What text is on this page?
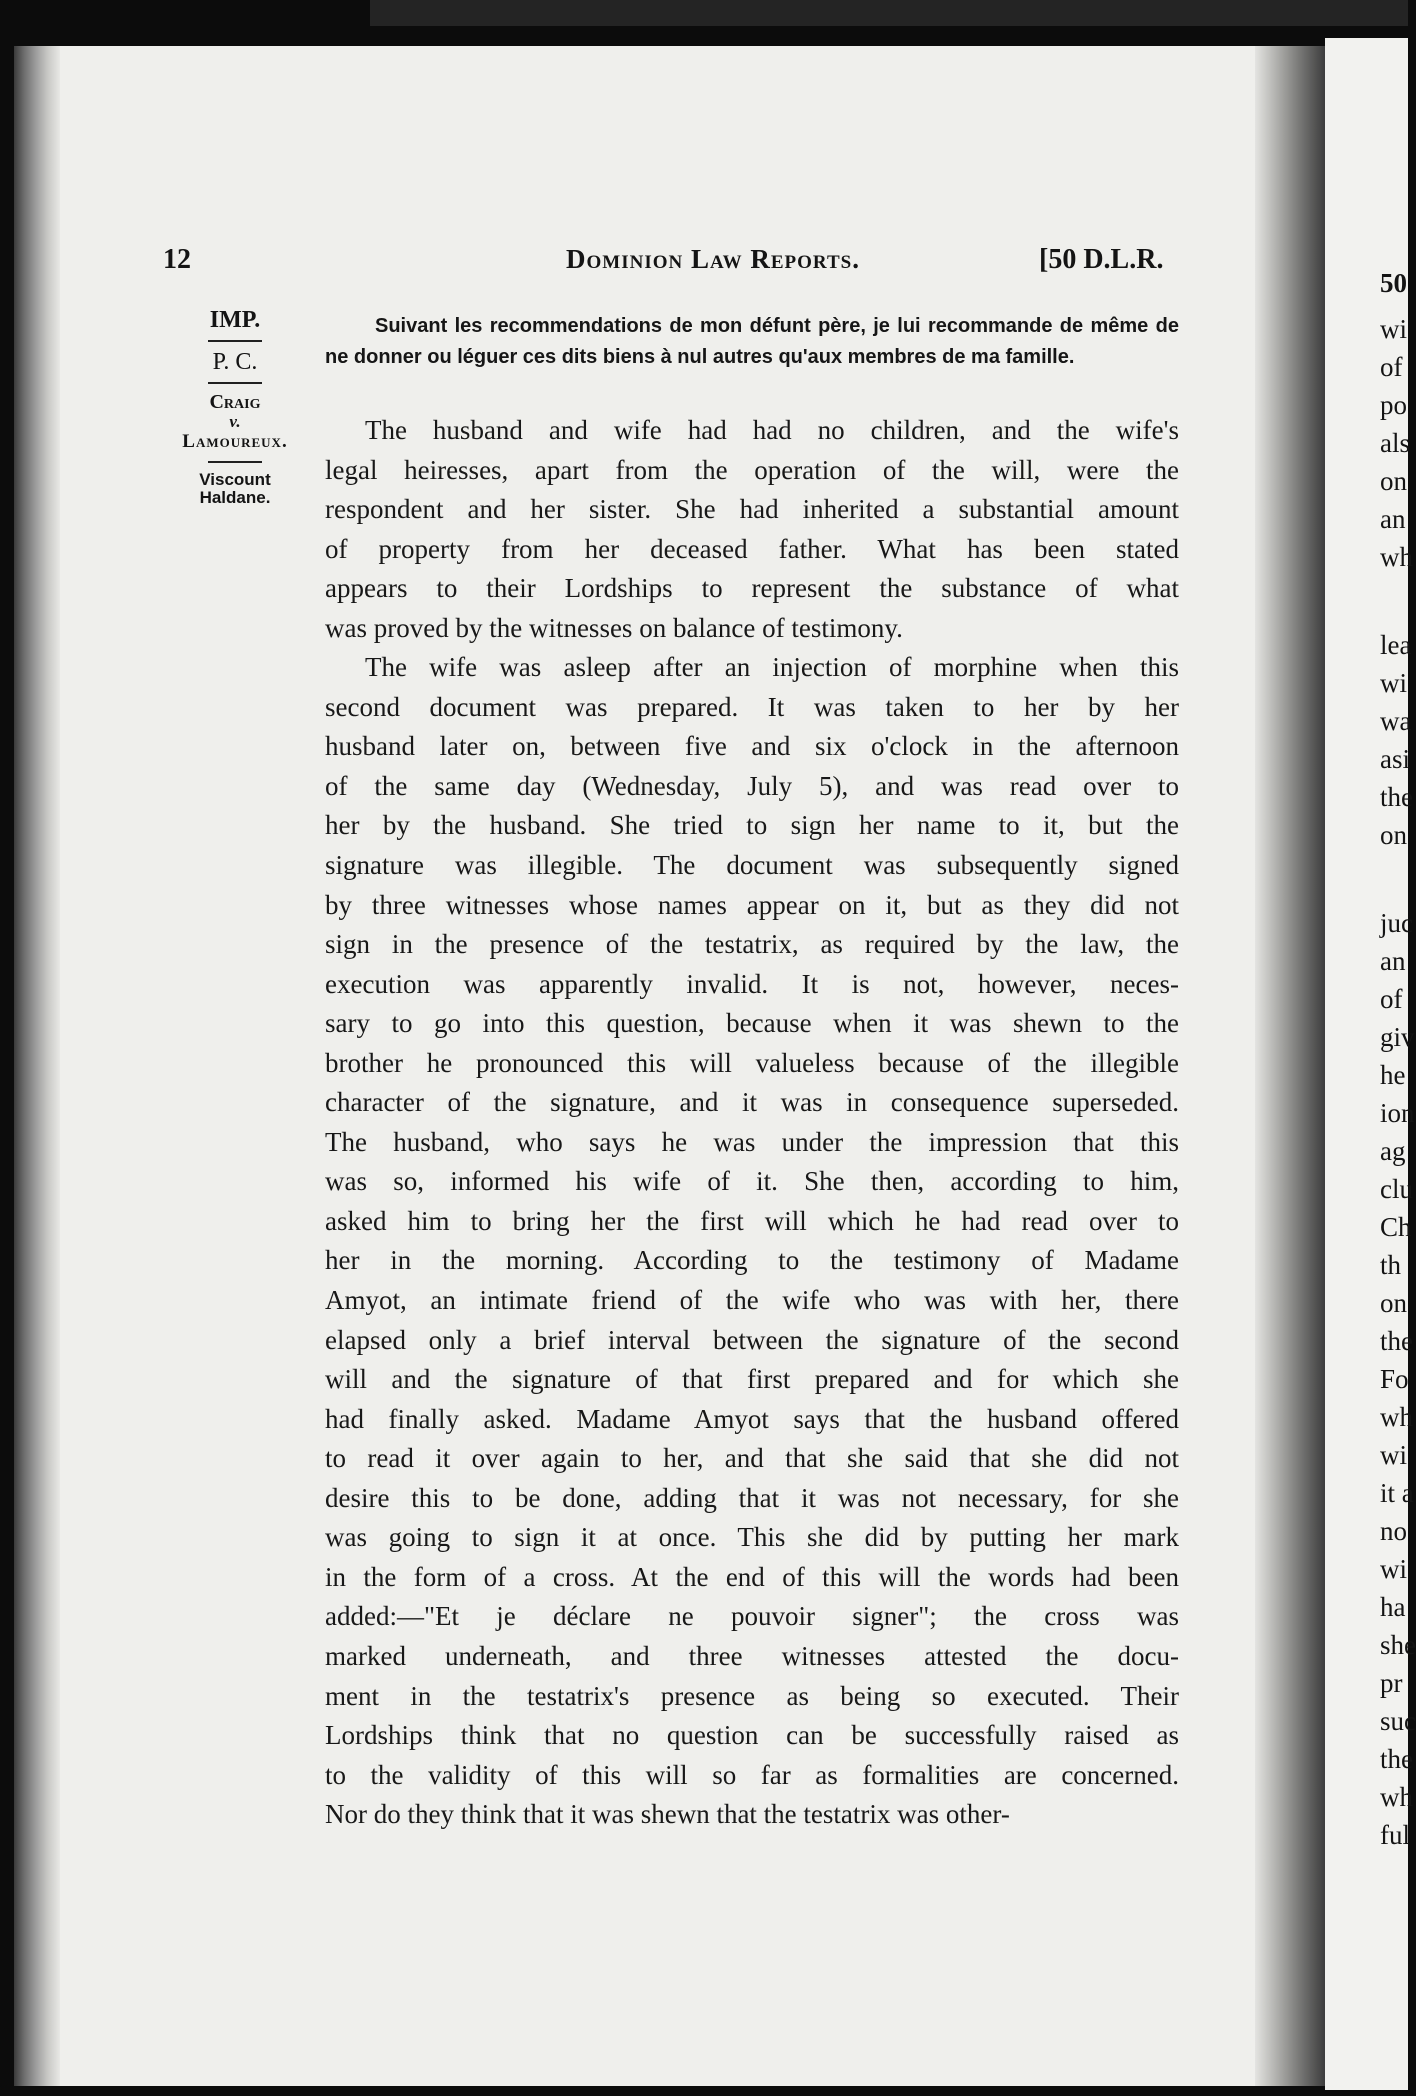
50
wi
of
po
als
on
an
wh
lea
wi
wa
asi
the
on
juc
an
of
giv
he
ion
ag
clu
Ch
th
on
the
Fo
wh
wi
it a
no
wi
ha
she
pr
suc
the
wh
ful
12	Dominion Law Reports.	[50 D.L.R.
IMP.
P. C.
Craig
v.
Lamoureux.
Viscount
Haldane.
Suivant les recommendations de mon défunt père, je lui recommande de même de ne donner ou léguer ces dits biens à nul autres qu'aux membres de ma famille.
The husband and wife had had no children, and the wife's
legal heiresses, apart from the operation of the will, were the
respondent and her sister. She had inherited a substantial amount
of property from her deceased father. What has been stated
appears to their Lordships to represent the substance of what
was proved by the witnesses on balance of testimony.
The wife was asleep after an injection of morphine when this
second document was prepared. It was taken to her by her
husband later on, between five and six o'clock in the afternoon
of the same day (Wednesday, July 5), and was read over to
her by the husband. She tried to sign her name to it, but the
signature was illegible. The document was subsequently signed
by three witnesses whose names appear on it, but as they did not
sign in the presence of the testatrix, as required by the law, the
execution was apparently invalid. It is not, however, neces-
sary to go into this question, because when it was shewn to the
brother he pronounced this will valueless because of the illegible
character of the signature, and it was in consequence superseded.
The husband, who says he was under the impression that this
was so, informed his wife of it. She then, according to him,
asked him to bring her the first will which he had read over to
her in the morning. According to the testimony of Madame
Amyot, an intimate friend of the wife who was with her, there
elapsed only a brief interval between the signature of the second
will and the signature of that first prepared and for which she
had finally asked. Madame Amyot says that the husband offered
to read it over again to her, and that she said that she did not
desire this to be done, adding that it was not necessary, for she
was going to sign it at once. This she did by putting her mark
in the form of a cross. At the end of this will the words had been
added:—"Et je déclare ne pouvoir signer"; the cross was
marked underneath, and three witnesses attested the docu-
ment in the testatrix's presence as being so executed. Their
Lordships think that no question can be successfully raised as
to the validity of this will so far as formalities are concerned.
Nor do they think that it was shewn that the testatrix was other-
